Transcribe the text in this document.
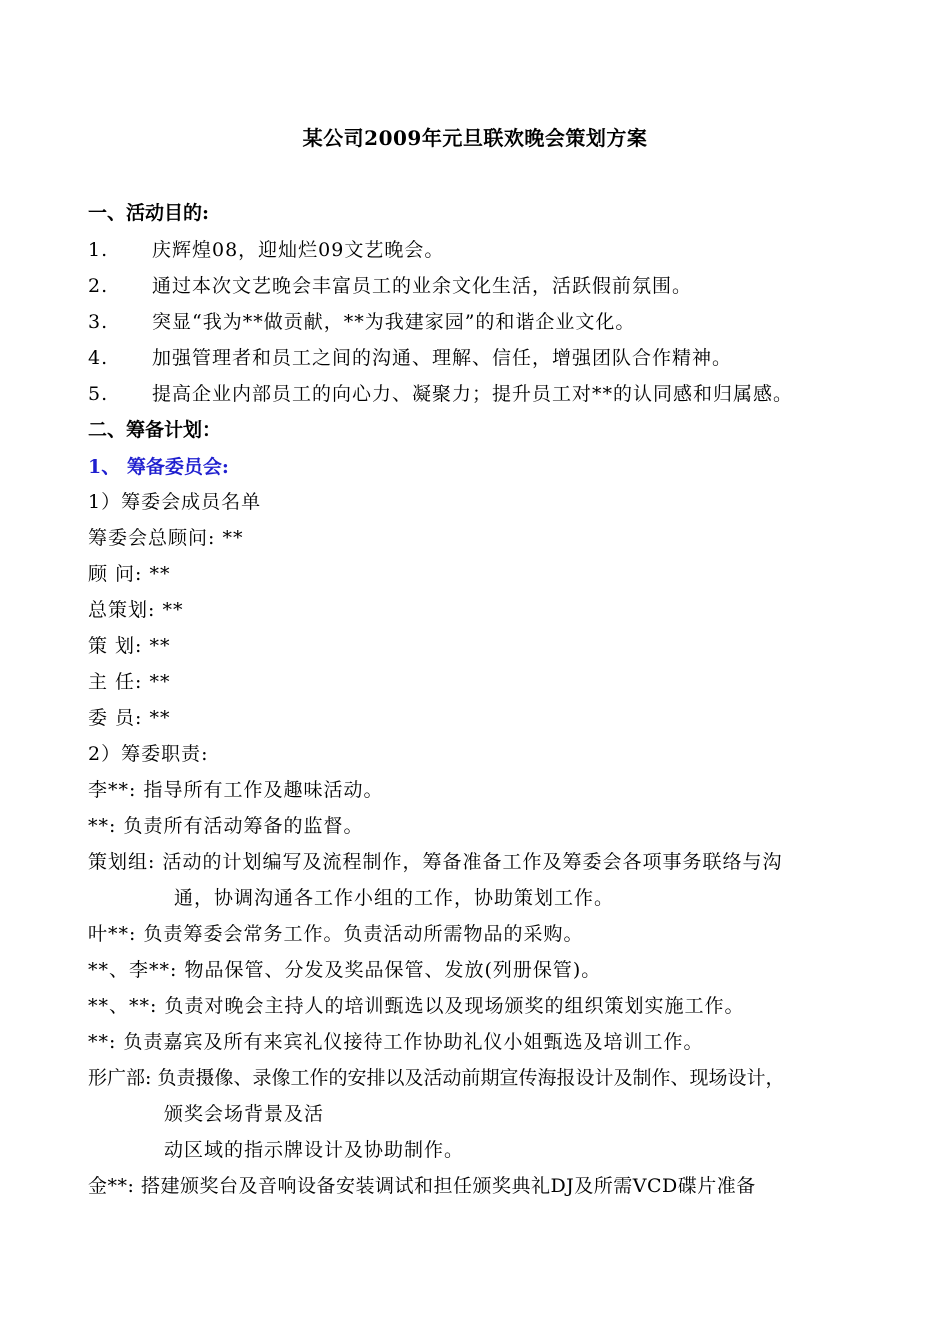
某公司2009年元旦联欢晚会策划方案
一、活动目的:
1. 庆辉煌08，迎灿烂09文艺晚会。
2. 通过本次文艺晚会丰富员工的业余文化生活，活跃假前氛围。
3. 突显“我为**做贡献，**为我建家园”的和谐企业文化。
4. 加强管理者和员工之间的沟通、理解、信任，增强团队合作精神。
5. 提高企业内部员工的向心力、凝聚力；提升员工对**的认同感和归属感。
二、筹备计划：
1、 筹备委员会:
1）筹委会成员名单
筹委会总顾问: **
顾 问: **
总策划: **
策 划: **
主 任: **
委 员: **
2）筹委职责:
李**: 指导所有工作及趣味活动。
**: 负责所有活动筹备的监督。
策划组: 活动的计划编写及流程制作，筹备准备工作及筹委会各项事务联络与沟
通，协调沟通各工作小组的工作，协助策划工作。
叶**: 负责筹委会常务工作。负责活动所需物品的采购。
**、李**: 物品保管、分发及奖品保管、发放(列册保管)。
**、**: 负责对晚会主持人的培训甄选以及现场颁奖的组织策划实施工作。
**: 负责嘉宾及所有来宾礼仪接待工作协助礼仪小姐甄选及培训工作。
形广部: 负责摄像、录像工作的安排以及活动前期宣传海报设计及制作、现场设计，
颁奖会场背景及活
动区域的指示牌设计及协助制作。
金**: 搭建颁奖台及音响设备安装调试和担任颁奖典礼DJ及所需VCD碟片准备
